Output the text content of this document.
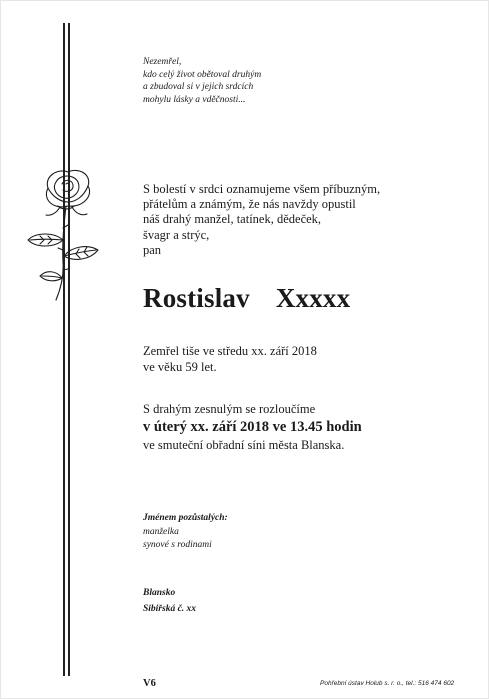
Nezemřel,
kdo celý život obětoval druhým
a zbudoval si v jejich srdcích
mohylu lásky a vděčnosti...
S bolestí v srdci oznamujeme všem příbuzným,
přátelům a známým, že nás navždy opustil
náš drahý manžel, tatínek, dědeček,
švagr a strýc,
pan
Rostislav Xxxxx
Zemřel tiše ve středu xx. září 2018
ve věku 59 let.
S drahým zesnulým se rozloučíme
v úterý xx. září 2018 ve 13.45 hodin
ve smuteční obřadní síni města Blanska.
Jménem pozůstalých:
manželka
synové s rodinami
Blansko
Sibiřská č. xx
V6	Pohřební ústav Holub s. r. o., tel.: 516 474 602
